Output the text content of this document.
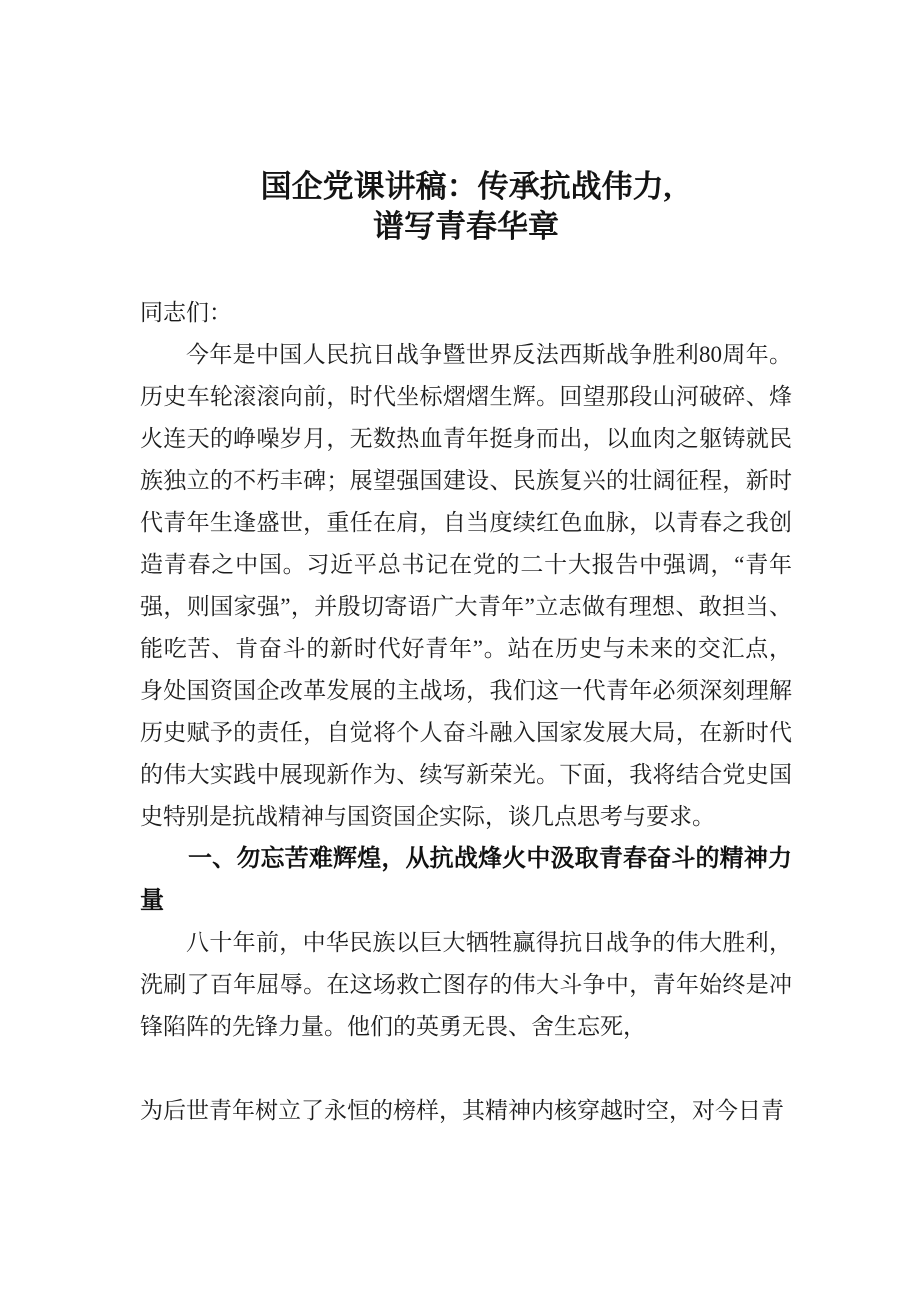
国企党课讲稿：传承抗战伟力,
谱写青春华章

同志们：

今年是中国人民抗日战争暨世界反法西斯战争胜利80周年。历史车轮滚滚向前，时代坐标熠熠生辉。回望那段山河破碎、烽火连天的峥噪岁月，无数热血青年挺身而出，以血肉之躯铸就民族独立的不朽丰碑；展望强国建设、民族复兴的壮阔征程，新时代青年生逢盛世，重任在肩，自当度续红色血脉，以青春之我创造青春之中国。习近平总书记在党的二十大报告中强调，“青年强，则国家强”，并殷切寄语广大青年”立志做有理想、敢担当、能吃苦、肯奋斗的新时代好青年”。站在历史与未来的交汇点，身处国资国企改革发展的主战场，我们这一代青年必须深刻理解历史赋予的责任，自觉将个人奋斗融入国家发展大局，在新时代的伟大实践中展现新作为、续写新荣光。下面，我将结合党史国史特别是抗战精神与国资国企实际，谈几点思考与要求。

一、勿忘苦难辉煌，从抗战烽火中汲取青春奋斗的精神力量

八十年前，中华民族以巨大牺牲赢得抗日战争的伟大胜利，洗刷了百年屈辱。在这场救亡图存的伟大斗争中，青年始终是冲锋陷阵的先锋力量。他们的英勇无畏、舍生忘死，

为后世青年树立了永恒的榜样，其精神内核穿越时空，对今日青
